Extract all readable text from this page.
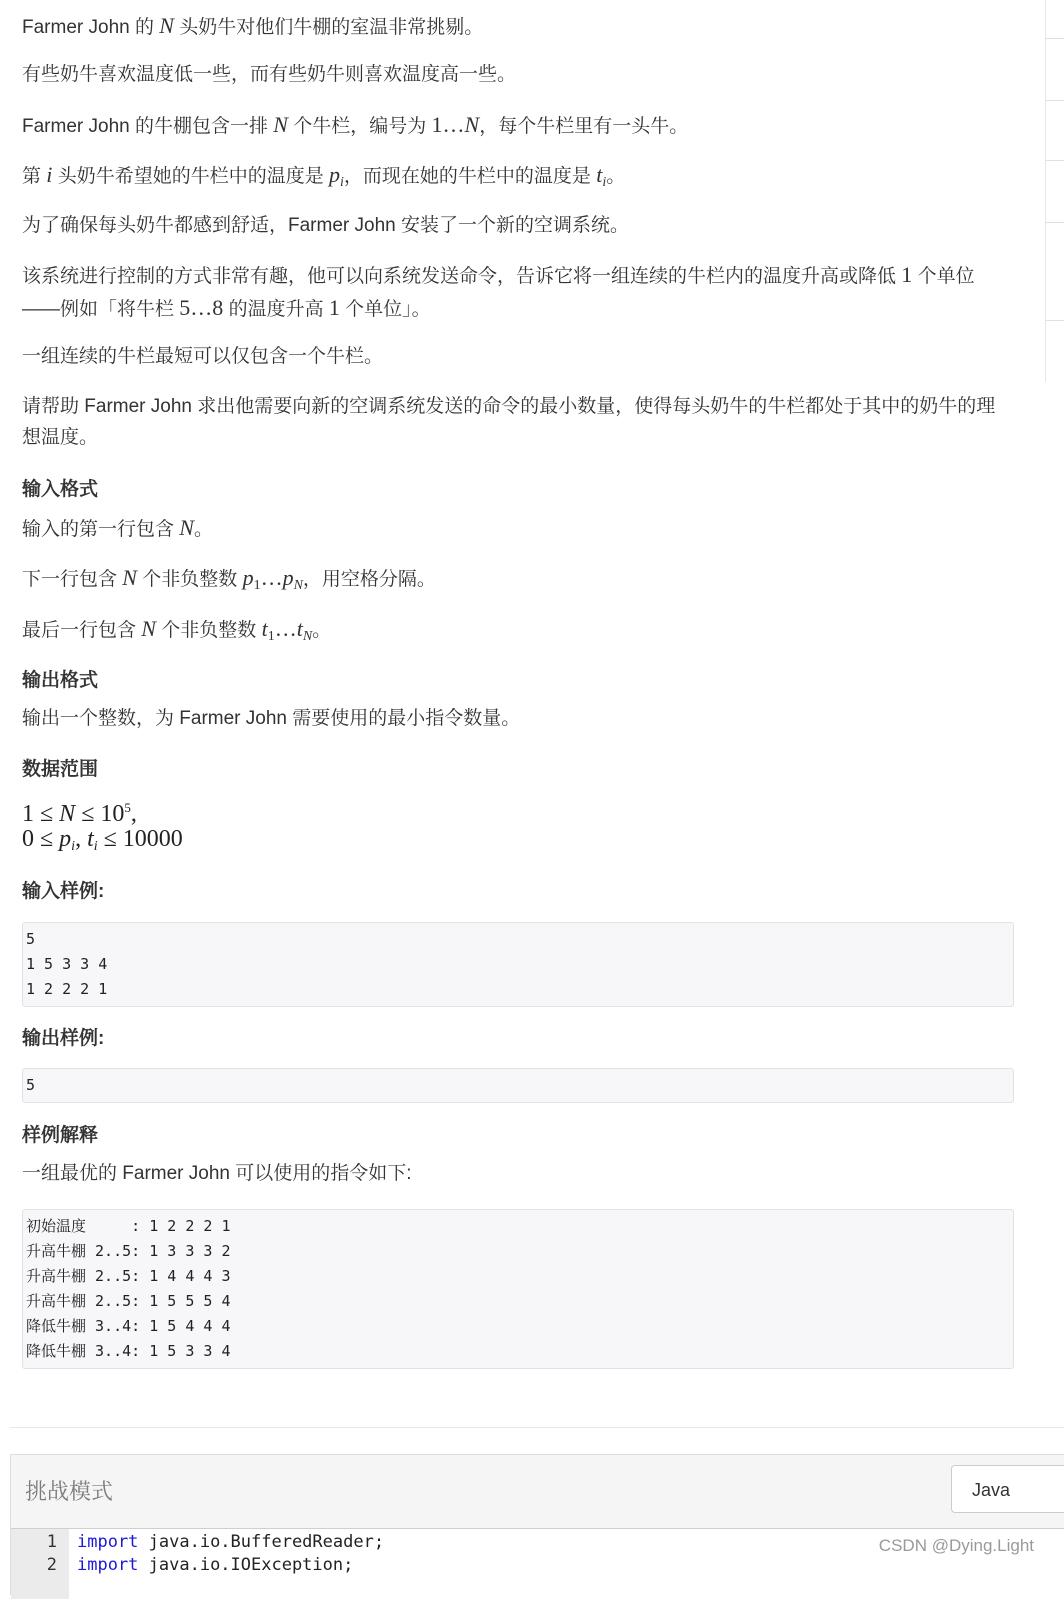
Farmer John 的 N 头奶牛对他们牛棚的室温非常挑剔。
有些奶牛喜欢温度低一些，而有些奶牛则喜欢温度高一些。
Farmer John 的牛棚包含一排 N 个牛栏，编号为 1…N，每个牛栏里有一头牛。
第 i 头奶牛希望她的牛栏中的温度是 $p_i$，而现在她的牛栏中的温度是 $t_i$。
为了确保每头奶牛都感到舒适，Farmer John 安装了一个新的空调系统。
该系统进行控制的方式非常有趣，他可以向系统发送命令，告诉它将一组连续的牛栏内的温度升高或降低 1 个单位
——例如「将牛栏 5…8 的温度升高 1 个单位」。
一组连续的牛栏最短可以仅包含一个牛栏。
请帮助 Farmer John 求出他需要向新的空调系统发送的命令的最小数量，使得每头奶牛的牛栏都处于其中的奶牛的理想温度。
输入格式
输入的第一行包含 N。
下一行包含 N 个非负整数 $p_1\dots p_N$，用空格分隔。
最后一行包含 N 个非负整数 $t_1\dots t_N$。
输出格式
输出一个整数，为 Farmer John 需要使用的最小指令数量。
数据范围
$1 \le N \le 10^5$,
$0 \le p_i$, $t_i \le 10000$
输入样例:
5
1 5 3 3 4
1 2 2 2 1
输出样例:
5
样例解释
一组最优的 Farmer John 可以使用的指令如下:
初始温度     : 1 2 2 2 1
升高牛棚 2..5: 1 3 3 3 2
升高牛棚 2..5: 1 4 4 4 3
升高牛棚 2..5: 1 5 5 5 4
降低牛棚 3..4: 1 5 4 4 4
降低牛棚 3..4: 1 5 3 3 4
挑战模式	Java
1 import java.io.BufferedReader;
2 import java.io.IOException;
CSDN @Dying.Light
